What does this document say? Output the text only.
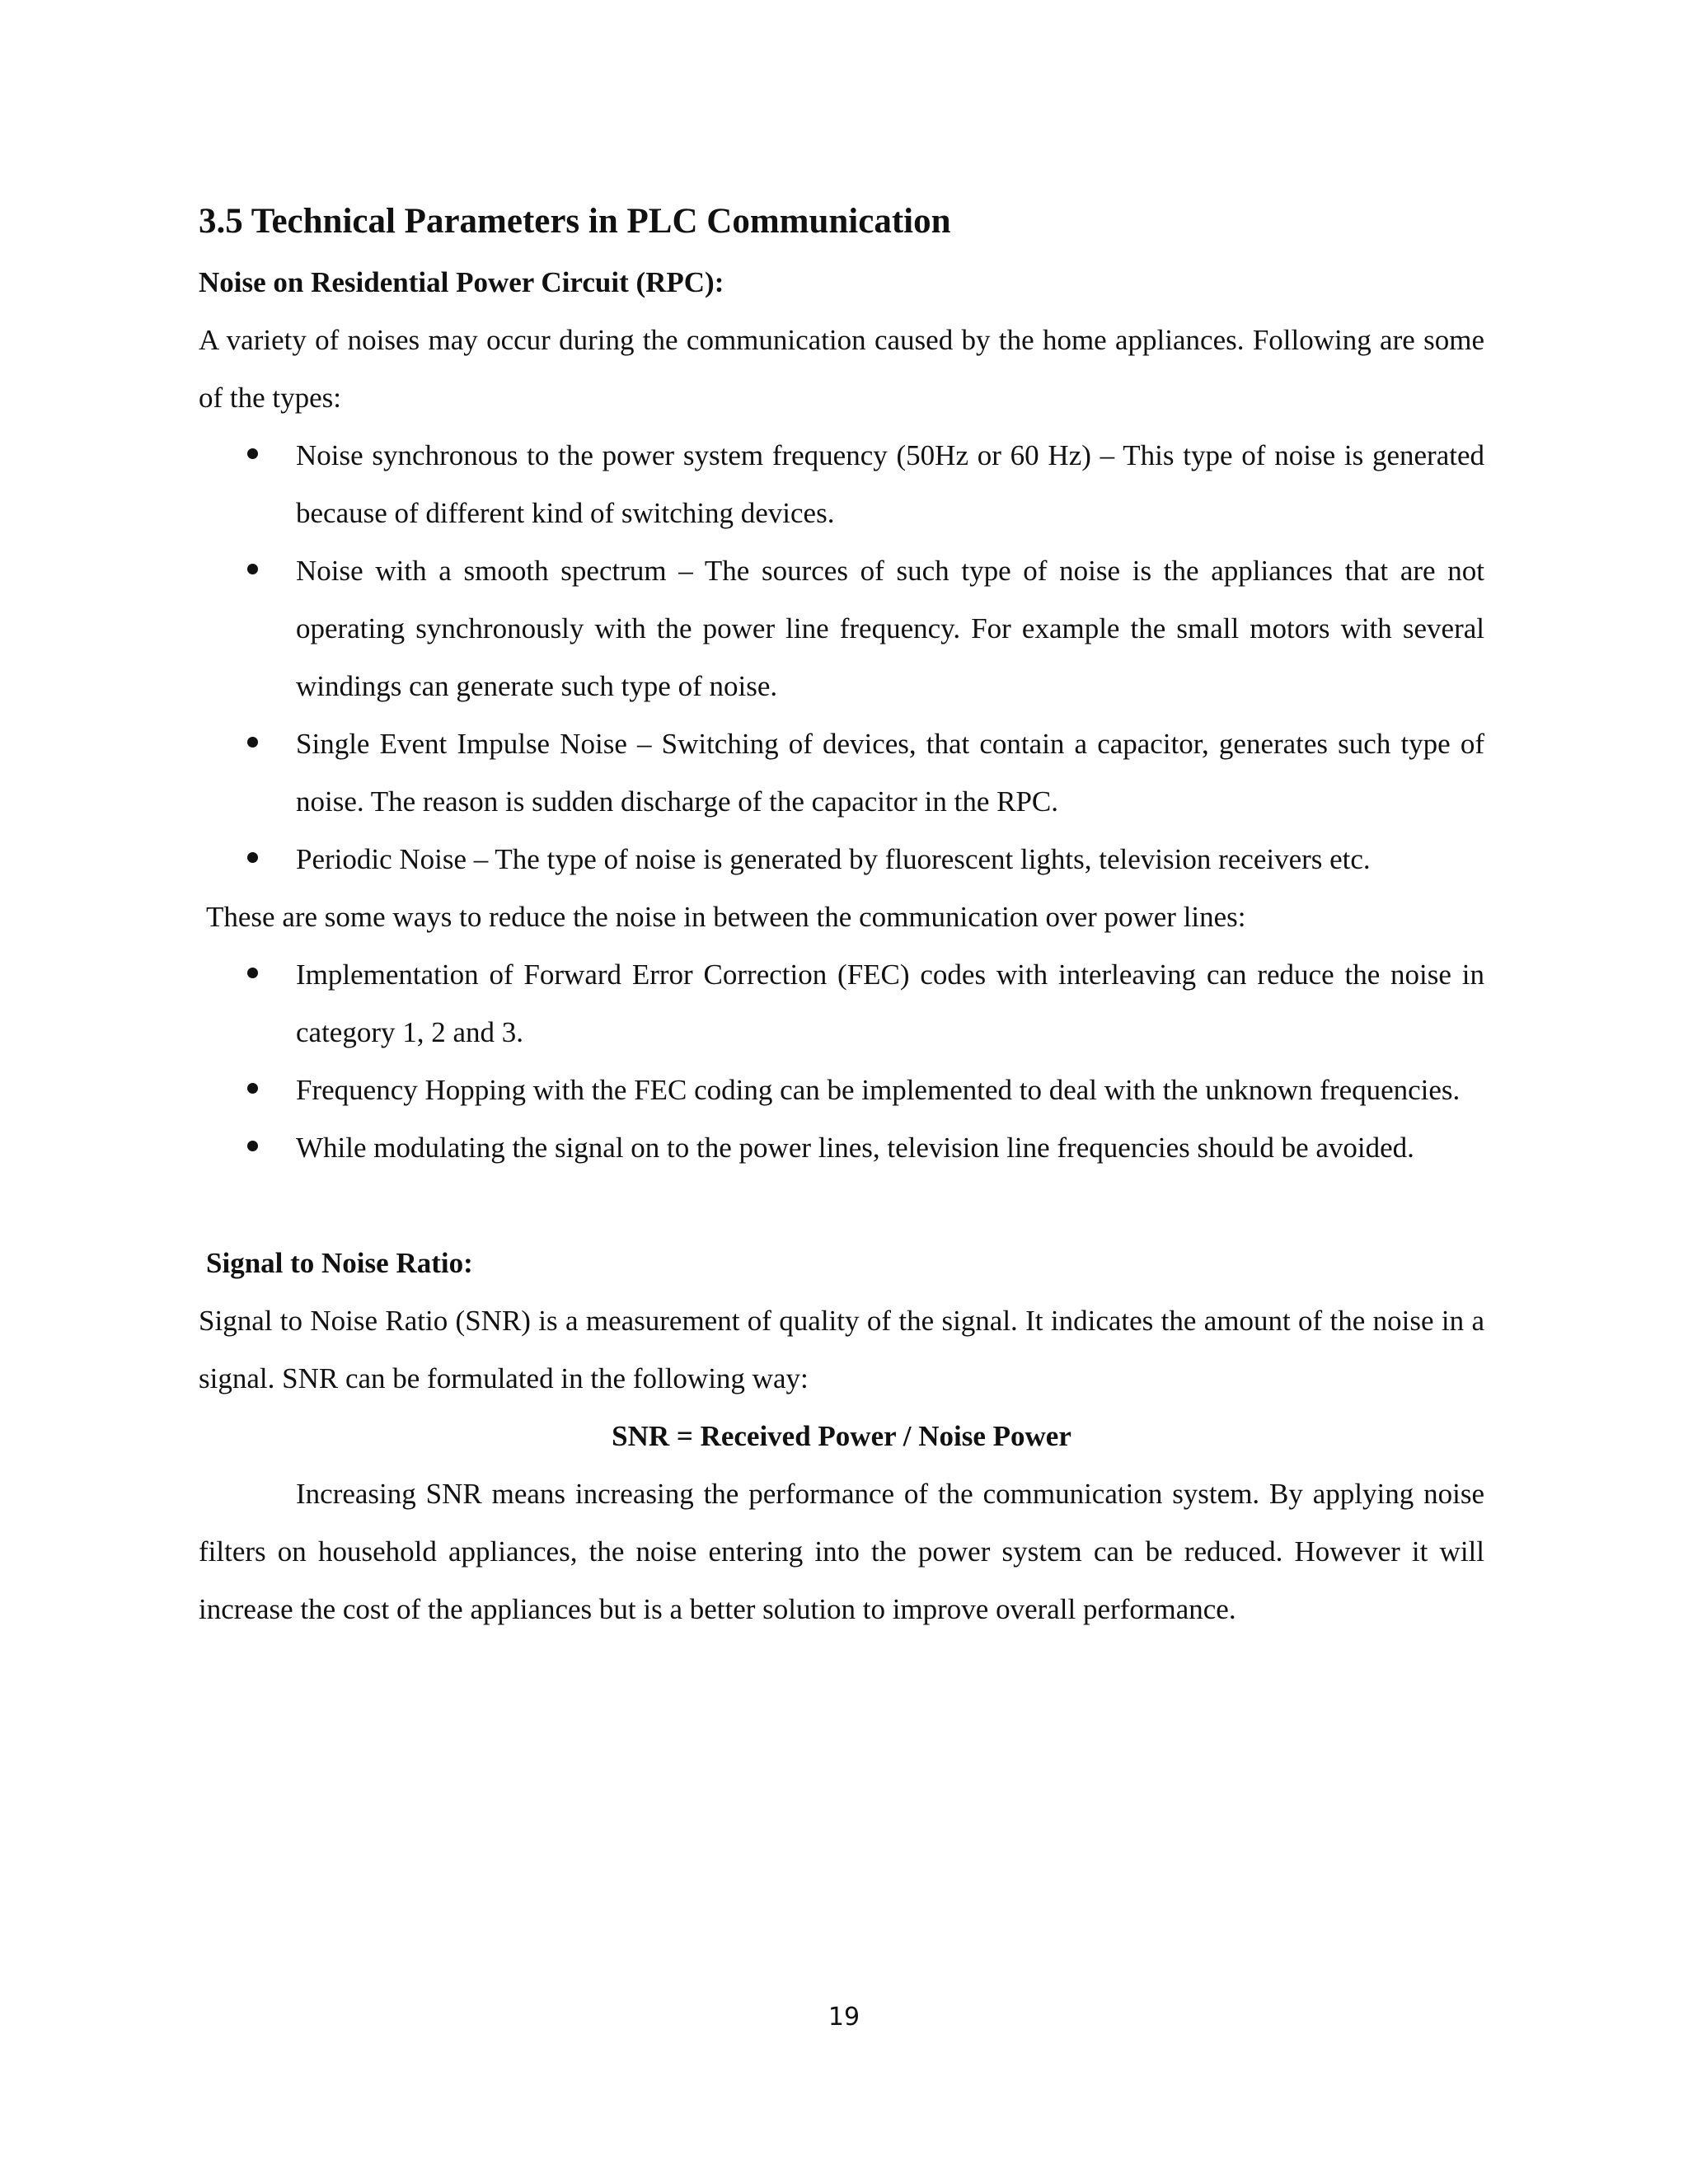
3.5 Technical Parameters in PLC Communication
Noise on Residential Power Circuit (RPC):

A variety of noises may occur during the communication caused by the home appliances. Following are some of the types:

Noise synchronous to the power system frequency (50Hz or 60 Hz) – This type of noise is generated because of different kind of switching devices.
Noise with a smooth spectrum – The sources of such type of noise is the appliances that are not operating synchronously with the power line frequency. For example the small motors with several windings can generate such type of noise.
Single Event Impulse Noise – Switching of devices, that contain a capacitor, generates such type of noise. The reason is sudden discharge of the capacitor in the RPC.
Periodic Noise – The type of noise is generated by fluorescent lights, television receivers etc.

These are some ways to reduce the noise in between the communication over power lines:

Implementation of Forward Error Correction (FEC) codes with interleaving can reduce the noise in category 1, 2 and 3.
Frequency Hopping with the FEC coding can be implemented to deal with the unknown frequencies.
While modulating the signal on to the power lines, television line frequencies should be avoided.
Signal to Noise Ratio:

Signal to Noise Ratio (SNR) is a measurement of quality of the signal. It indicates the amount of the noise in a signal. SNR can be formulated in the following way:

SNR = Received Power / Noise Power

Increasing SNR means increasing the performance of the communication system. By applying noise filters on household appliances, the noise entering into the power system can be reduced. However it will increase the cost of the appliances but is a better solution to improve overall performance.

19
